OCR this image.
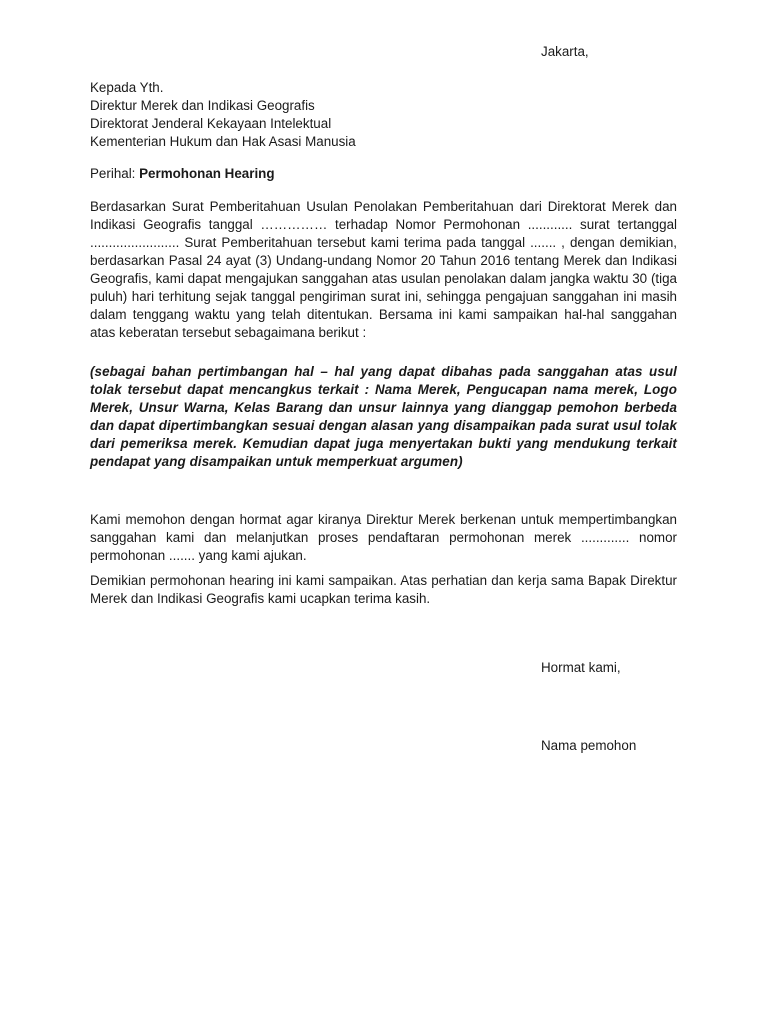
Jakarta,

Kepada Yth.
Direktur Merek dan Indikasi Geografis
Direktorat Jenderal Kekayaan Intelektual
Kementerian Hukum dan Hak Asasi Manusia

Perihal: Permohonan Hearing

Berdasarkan Surat Pemberitahuan Usulan Penolakan Pemberitahuan dari Direktorat Merek dan Indikasi Geografis tanggal …………… terhadap Nomor Permohonan ............ surat tertanggal ........................ Surat Pemberitahuan tersebut kami terima pada tanggal ....... , dengan demikian, berdasarkan Pasal 24 ayat (3) Undang-undang Nomor 20 Tahun 2016 tentang Merek dan Indikasi Geografis, kami dapat mengajukan sanggahan atas usulan penolakan dalam jangka waktu 30 (tiga puluh) hari terhitung sejak tanggal pengiriman surat ini, sehingga pengajuan sanggahan ini masih dalam tenggang waktu yang telah ditentukan. Bersama ini kami sampaikan hal-hal sanggahan atas keberatan tersebut sebagaimana berikut :

(sebagai bahan pertimbangan hal – hal yang dapat dibahas pada sanggahan atas usul tolak tersebut dapat mencangkus terkait : Nama Merek, Pengucapan nama merek, Logo Merek, Unsur Warna, Kelas Barang dan unsur lainnya yang dianggap pemohon berbeda dan dapat dipertimbangkan sesuai dengan alasan yang disampaikan pada surat usul tolak dari pemeriksa merek. Kemudian dapat juga menyertakan bukti yang mendukung terkait pendapat yang disampaikan untuk memperkuat argumen)

Kami memohon dengan hormat agar kiranya Direktur Merek berkenan untuk mempertimbangkan sanggahan kami dan melanjutkan proses pendaftaran permohonan merek ............. nomor permohonan ....... yang kami ajukan.

Demikian permohonan hearing ini kami sampaikan. Atas perhatian dan kerja sama Bapak Direktur Merek dan Indikasi Geografis kami ucapkan terima kasih.

Hormat kami,

Nama pemohon
